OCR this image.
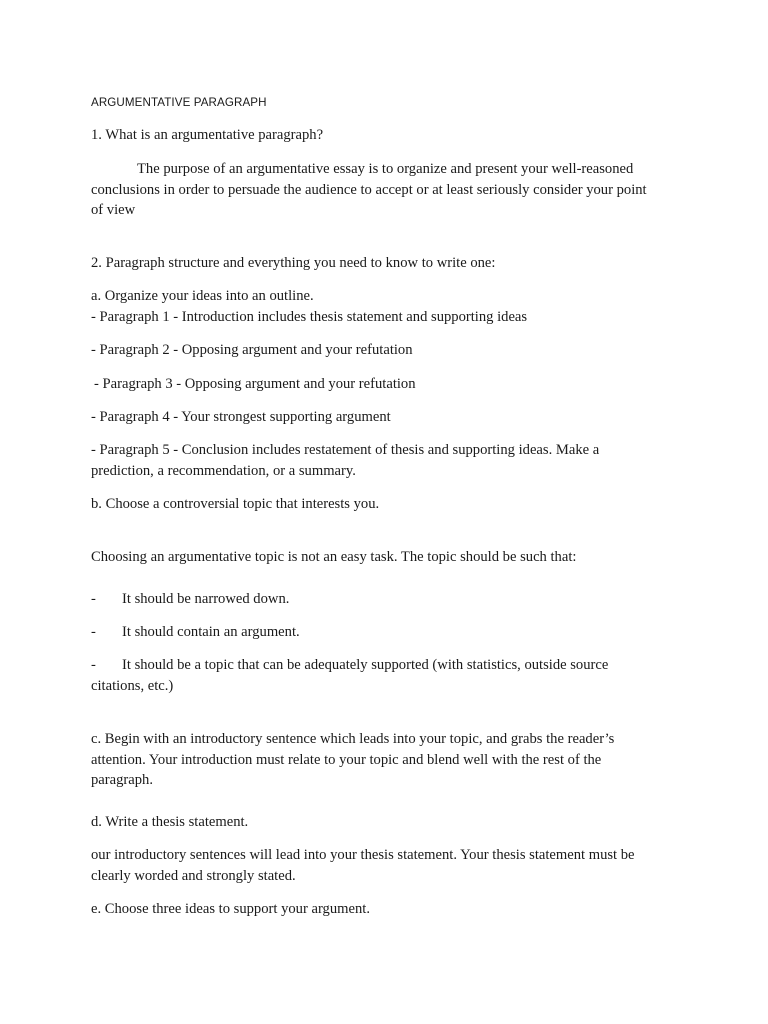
ARGUMENTATIVE PARAGRAPH
1. What is an argumentative paragraph?
The purpose of an argumentative essay is to organize and present your well-reasoned
conclusions in order to persuade the audience to accept or at least seriously consider your point
of view
2. Paragraph structure and everything you need to know to write one:
a. Organize your ideas into an outline.
- Paragraph 1 - Introduction includes thesis statement and supporting ideas
- Paragraph 2 - Opposing argument and your refutation
- Paragraph 3 - Opposing argument and your refutation
- Paragraph 4 - Your strongest supporting argument
- Paragraph 5 - Conclusion includes restatement of thesis and supporting ideas. Make a
prediction, a recommendation, or a summary.
b. Choose a controversial topic that interests you.
Choosing an argumentative topic is not an easy task. The topic should be such that:
- It should be narrowed down.
- It should contain an argument.
- It should be a topic that can be adequately supported (with statistics, outside source
citations, etc.)
c. Begin with an introductory sentence which leads into your topic, and grabs the reader’s
attention. Your introduction must relate to your topic and blend well with the rest of the
paragraph.
d. Write a thesis statement.
our introductory sentences will lead into your thesis statement. Your thesis statement must be
clearly worded and strongly stated.
e. Choose three ideas to support your argument.
